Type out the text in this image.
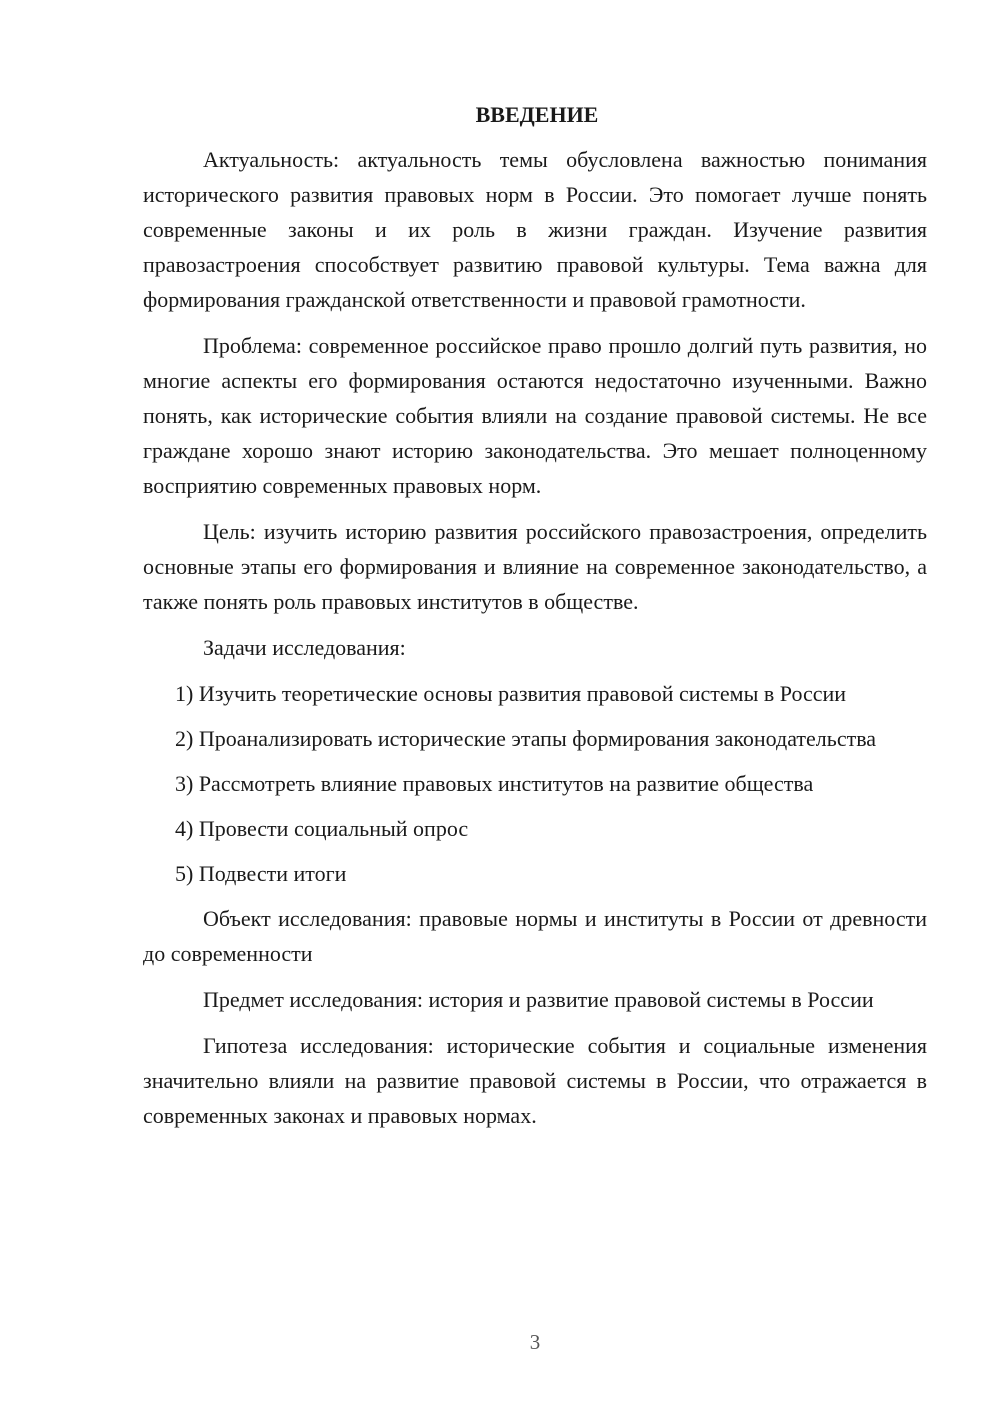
ВВЕДЕНИЕ

Актуальность: актуальность темы обусловлена важностью понимания исторического развития правовых норм в России. Это помогает лучше понять современные законы и их роль в жизни граждан. Изучение развития правозастроения способствует развитию правовой культуры. Тема важна для формирования гражданской ответственности и правовой грамотности.

Проблема: современное российское право прошло долгий путь развития, но многие аспекты его формирования остаются недостаточно изученными. Важно понять, как исторические события влияли на создание правовой системы. Не все граждане хорошо знают историю законодательства. Это мешает полноценному восприятию современных правовых норм.

Цель: изучить историю развития российского правозастроения, определить основные этапы его формирования и влияние на современное законодательство, а также понять роль правовых институтов в обществе.

Задачи исследования:

1) Изучить теоретические основы развития правовой системы в России

2) Проанализировать исторические этапы формирования законодательства

3) Рассмотреть влияние правовых институтов на развитие общества

4) Провести социальный опрос

5) Подвести итоги

Объект исследования: правовые нормы и институты в России от древности до современности

Предмет исследования: история и развитие правовой системы в России

Гипотеза исследования: исторические события и социальные изменения значительно влияли на развитие правовой системы в России, что отражается в современных законах и правовых нормах.

3
